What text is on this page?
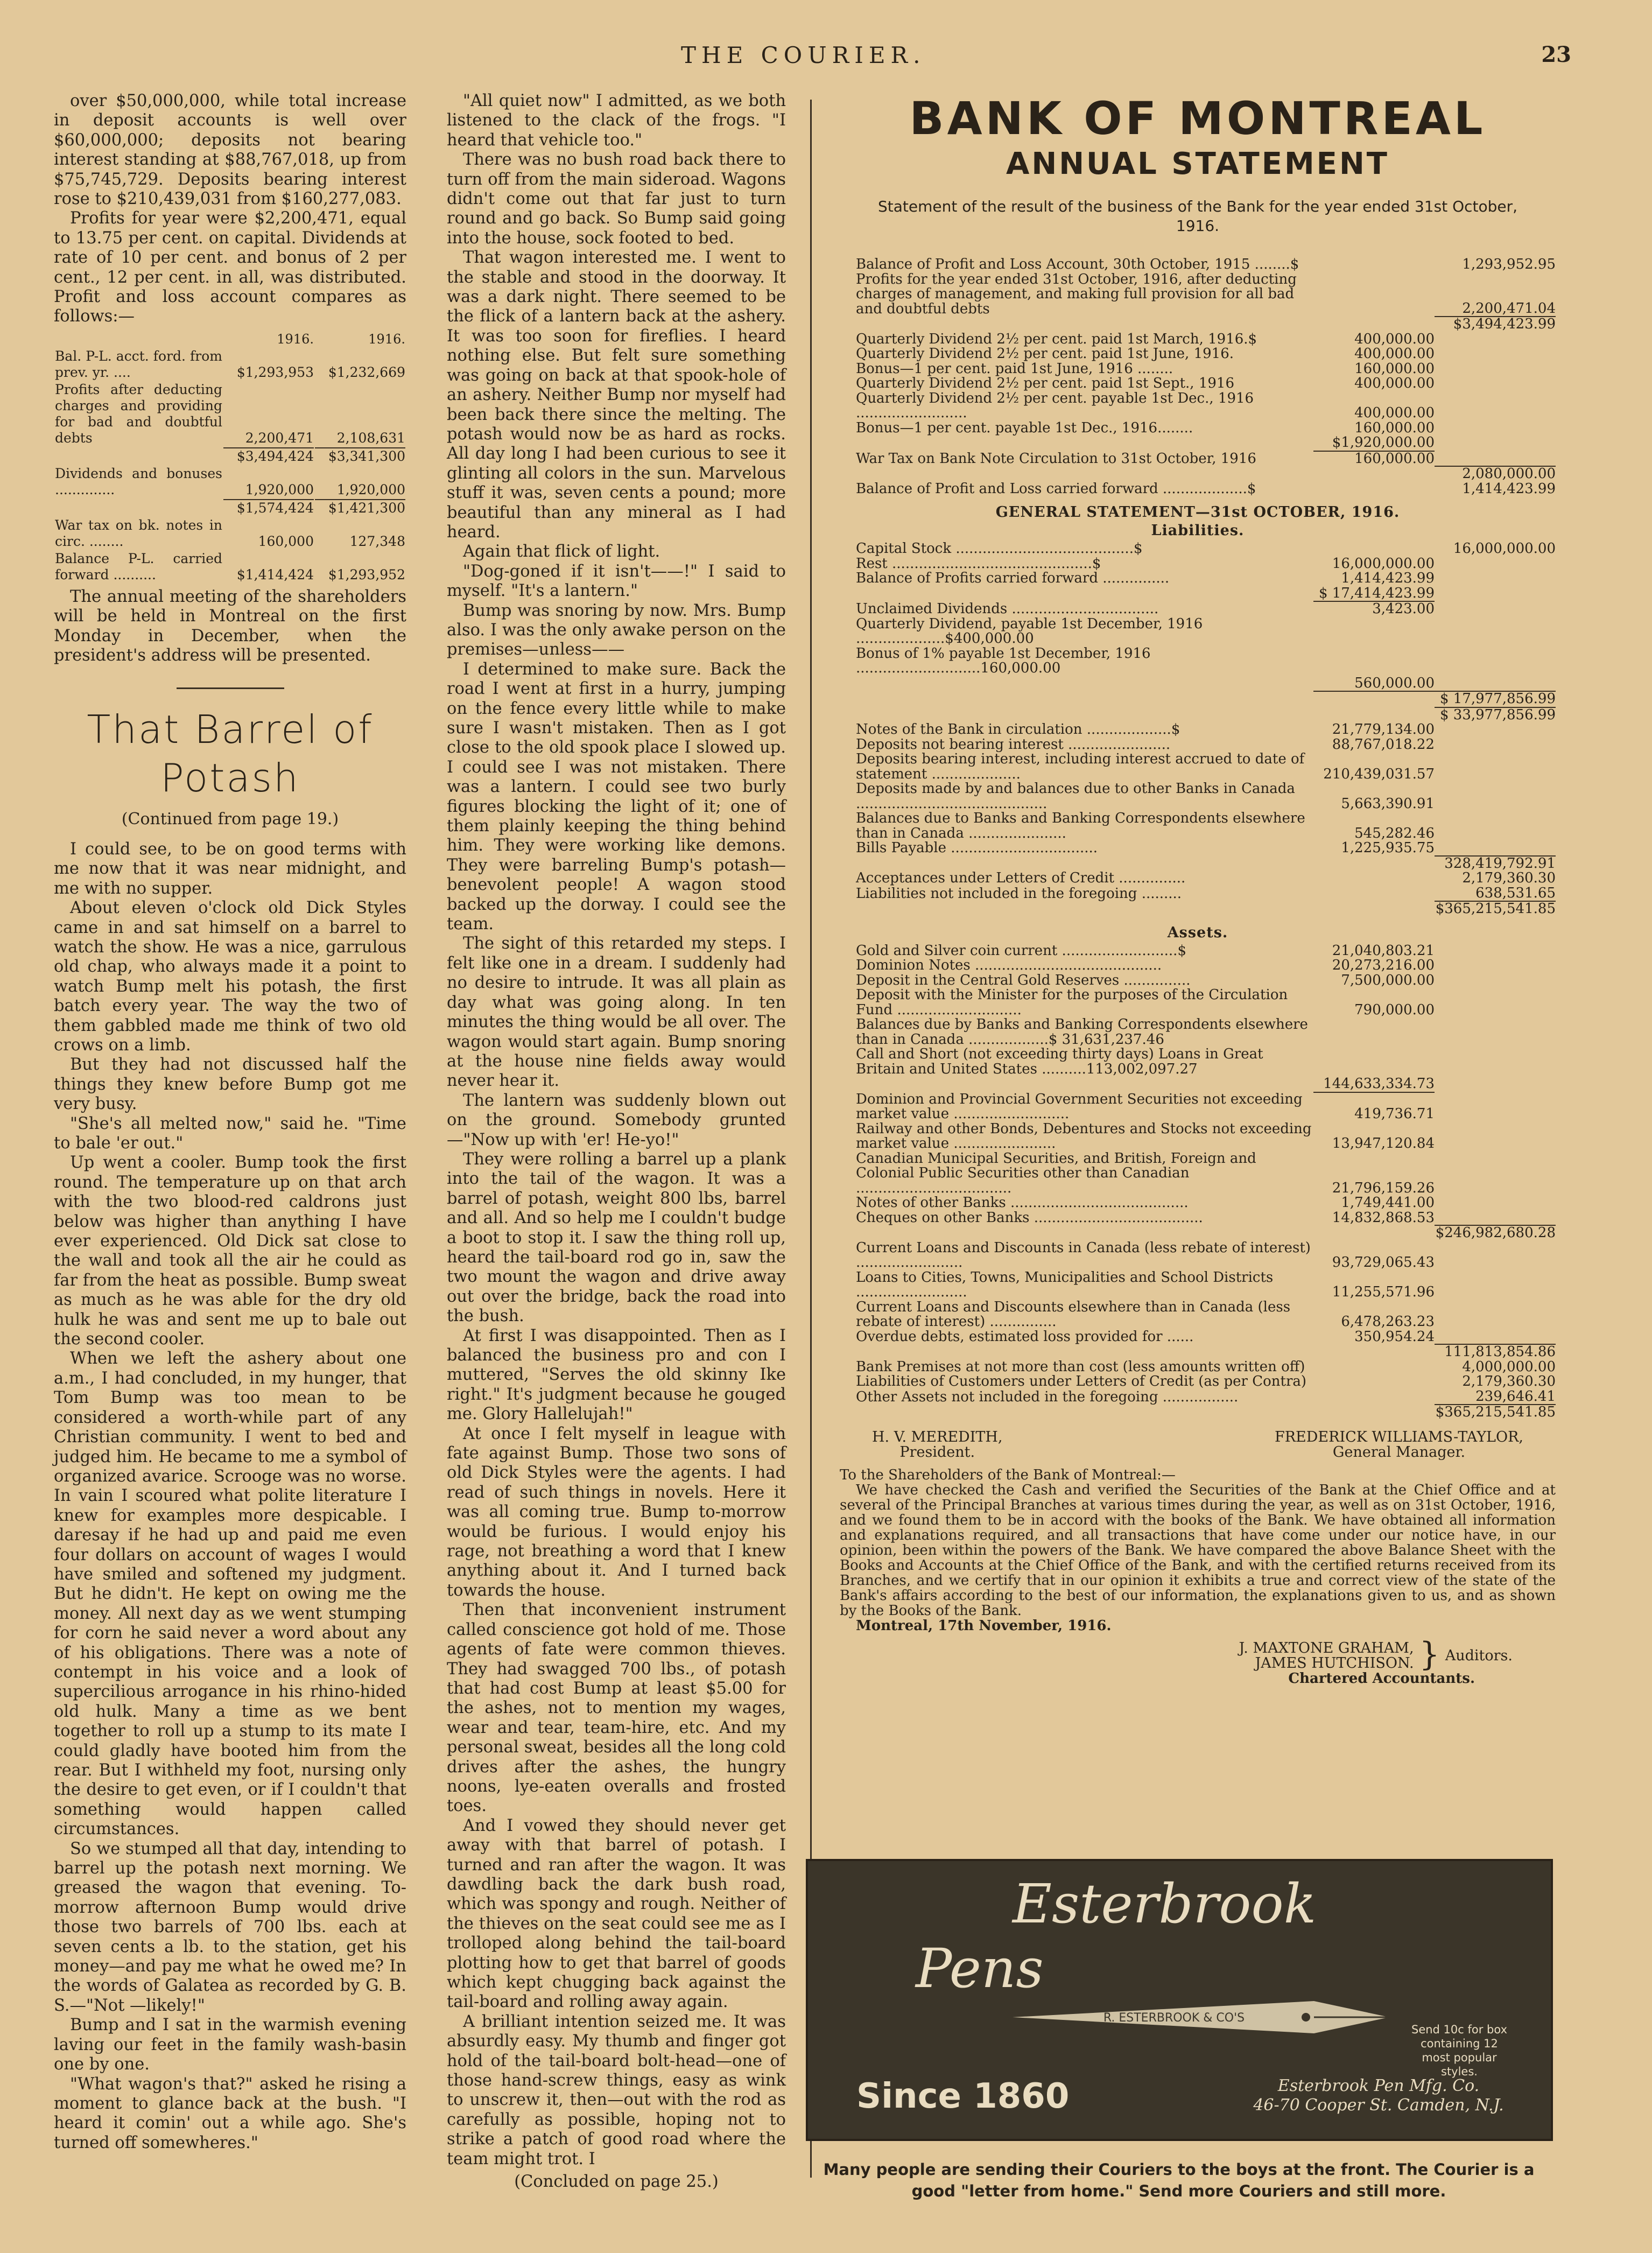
THE COURIER.	23

over $50,000,000, while total increase in deposit accounts is well over $60,000,000; deposits not bearing interest standing at $88,767,018, up from $75,745,729. Deposits bearing interest rose to $210,439,031 from $160,277,083.

Profits for year were $2,200,471, equal to 13.75 per cent. on capital. Dividends at rate of 10 per cent. and bonus of 2 per cent., 12 per cent. in all, was distributed. Profit and loss account compares as follows:—

	1916.	1916.
Bal. P-L. acct. ford. from prev. yr. ....	$1,293,953	$1,232,669
Profits after deducting charges and providing for bad and doubtful debts	2,200,471	2,108,631
	$3,494,424	$3,341,300
Dividends and bonuses ..............	1,920,000	1,920,000
	$1,574,424	$1,421,300
War tax on bk. notes in circ. ........	160,000	127,348
Balance P-L. carried forward ..........	$1,414,424	$1,293,952

The annual meeting of the shareholders will be held in Montreal on the first Monday in December, when the president's address will be presented.

That Barrel of Potash
(Continued from page 19.)

I could see, to be on good terms with me now that it was near midnight, and me with no supper.

About eleven o'clock old Dick Styles came in and sat himself on a barrel to watch the show. He was a nice, garrulous old chap, who always made it a point to watch Bump melt his potash, the first batch every year. The way the two of them gabbled made me think of two old crows on a limb.

But they had not discussed half the things they knew before Bump got me very busy.

"She's all melted now," said he. "Time to bale 'er out."

Up went a cooler. Bump took the first round. The temperature up on that arch with the two blood-red caldrons just below was higher than anything I have ever experienced. Old Dick sat close to the wall and took all the air he could as far from the heat as possible. Bump sweat as much as he was able for the dry old hulk he was and sent me up to bale out the second cooler.

When we left the ashery about one a.m., I had concluded, in my hunger, that Tom Bump was too mean to be considered a worth-while part of any Christian community. I went to bed and judged him. He became to me a symbol of organized avarice. Scrooge was no worse. In vain I scoured what polite literature I knew for examples more despicable. I daresay if he had up and paid me even four dollars on account of wages I would have smiled and softened my judgment. But he didn't. He kept on owing me the money. All next day as we went stumping for corn he said never a word about any of his obligations. There was a note of contempt in his voice and a look of supercilious arrogance in his rhino-hided old hulk. Many a time as we bent together to roll up a stump to its mate I could gladly have booted him from the rear. But I withheld my foot, nursing only the desire to get even, or if I couldn't that something would happen called circumstances.

So we stumped all that day, intending to barrel up the potash next morning. We greased the wagon that evening. To-morrow afternoon Bump would drive those two barrels of 700 lbs. each at seven cents a lb. to the station, get his money—and pay me what he owed me? In the words of Galatea as recorded by G. B. S.—"Not —likely!"

Bump and I sat in the warmish evening laving our feet in the family wash-basin one by one.

"What wagon's that?" asked he rising a moment to glance back at the bush. "I heard it comin' out a while ago. She's turned off somewheres."

"All quiet now" I admitted, as we both listened to the clack of the frogs. "I heard that vehicle too."

There was no bush road back there to turn off from the main sideroad. Wagons didn't come out that far just to turn round and go back. So Bump said going into the house, sock footed to bed.

That wagon interested me. I went to the stable and stood in the doorway. It was a dark night. There seemed to be the flick of a lantern back at the ashery. It was too soon for fireflies. I heard nothing else. But felt sure something was going on back at that spook-hole of an ashery. Neither Bump nor myself had been back there since the melting. The potash would now be as hard as rocks. All day long I had been curious to see it glinting all colors in the sun. Marvelous stuff it was, seven cents a pound; more beautiful than any mineral as I had heard.

Again that flick of light.

"Dog-goned if it isn't——!" I said to myself. "It's a lantern."

Bump was snoring by now. Mrs. Bump also. I was the only awake person on the premises—unless——

I determined to make sure. Back the road I went at first in a hurry, jumping on the fence every little while to make sure I wasn't mistaken. Then as I got close to the old spook place I slowed up. I could see I was not mistaken. There was a lantern. I could see two burly figures blocking the light of it; one of them plainly keeping the thing behind him. They were working like demons. They were barreling Bump's potash—benevolent people! A wagon stood backed up the dorway. I could see the team.

The sight of this retarded my steps. I felt like one in a dream. I suddenly had no desire to intrude. It was all plain as day what was going along. In ten minutes the thing would be all over. The wagon would start again. Bump snoring at the house nine fields away would never hear it.

The lantern was suddenly blown out on the ground. Somebody grunted—"Now up with 'er! He-yo!"

They were rolling a barrel up a plank into the tail of the wagon. It was a barrel of potash, weight 800 lbs, barrel and all. And so help me I couldn't budge a boot to stop it. I saw the thing roll up, heard the tail-board rod go in, saw the two mount the wagon and drive away out over the bridge, back the road into the bush.

At first I was disappointed. Then as I balanced the business pro and con I muttered, "Serves the old skinny Ike right." It's judgment because he gouged me. Glory Hallelujah!"

At once I felt myself in league with fate against Bump. Those two sons of old Dick Styles were the agents. I had read of such things in novels. Here it was all coming true. Bump to-morrow would be furious. I would enjoy his rage, not breathing a word that I knew anything about it. And I turned back towards the house.

Then that inconvenient instrument called conscience got hold of me. Those agents of fate were common thieves. They had swagged 700 lbs., of potash that had cost Bump at least $5.00 for the ashes, not to mention my wages, wear and tear, team-hire, etc. And my personal sweat, besides all the long cold drives after the ashes, the hungry noons, lye-eaten overalls and frosted toes.

And I vowed they should never get away with that barrel of potash. I turned and ran after the wagon. It was dawdling back the dark bush road, which was spongy and rough. Neither of the thieves on the seat could see me as I trolloped along behind the tail-board plotting how to get that barrel of goods which kept chugging back against the tail-board and rolling away again.

A brilliant intention seized me. It was absurdly easy. My thumb and finger got hold of the tail-board bolt-head—one of those hand-screw things, easy as wink to unscrew it, then—out with the rod as carefully as possible, hoping not to strike a patch of good road where the team might trot. I

(Concluded on page 25.)
BANK OF MONTREAL
ANNUAL STATEMENT
Statement of the result of the business of the Bank for the year ended 31st October, 1916.
Balance of Profit and Loss Account, 30th October, 1915 ........$		1,293,952.95
Profits for the year ended 31st October, 1916, after deducting charges of management, and making full provision for all bad and doubtful debts		2,200,471.04
		$3,494,423.99
Quarterly Dividend 2½ per cent. paid 1st March, 1916.$	400,000.00	
Quarterly Dividend 2½ per cent. paid 1st June, 1916.	400,000.00	
Bonus—1 per cent. paid 1st June, 1916 ........	160,000.00	
Quarterly Dividend 2½ per cent. paid 1st Sept., 1916	400,000.00	
Quarterly Dividend 2½ per cent. payable 1st Dec., 1916 .........................	400,000.00	
Bonus—1 per cent. payable 1st Dec., 1916........	160,000.00	
	$1,920,000.00	
War Tax on Bank Note Circulation to 31st October, 1916	160,000.00	
		2,080,000.00
Balance of Profit and Loss carried forward ...................$		1,414,423.99
GENERAL STATEMENT—31st OCTOBER, 1916.
Liabilities.
Capital Stock ........................................$		16,000,000.00
Rest .............................................$	16,000,000.00	
Balance of Profits carried forward ...............	1,414,423.99	
	$ 17,414,423.99	
Unclaimed Dividends .................................	3,423.00	
Quarterly Dividend, payable 1st December, 1916 ....................$400,000.00		
Bonus of 1% payable 1st December, 1916 ............................160,000.00		
	560,000.00	
		$ 17,977,856.99
		$ 33,977,856.99
Notes of the Bank in circulation ...................$	21,779,134.00	
Deposits not bearing interest .......................	88,767,018.22	
Deposits bearing interest, including interest accrued to date of statement ....................	210,439,031.57	
Deposits made by and balances due to other Banks in Canada ...........................................	5,663,390.91	
Balances due to Banks and Banking Correspondents elsewhere than in Canada ......................	545,282.46	
Bills Payable .................................	1,225,935.75	
		328,419,792.91
Acceptances under Letters of Credit ...............		2,179,360.30
Liabilities not included in the foregoing .........		638,531.65
		$365,215,541.85
Assets.
Gold and Silver coin current ..........................$	21,040,803.21	
Dominion Notes ..........................................	20,273,216.00	
Deposit in the Central Gold Reserves ...............	7,500,000.00	
Deposit with the Minister for the purposes of the Circulation Fund ............................	790,000.00	
Balances due by Banks and Banking Correspondents elsewhere than in Canada ..................$ 31,631,237.46		
Call and Short (not exceeding thirty days) Loans in Great Britain and United States ..........113,002,097.27		
	144,633,334.73	
Dominion and Provincial Government Securities not exceeding market value ..........................	419,736.71	
Railway and other Bonds, Debentures and Stocks not exceeding market value .......................	13,947,120.84	
Canadian Municipal Securities, and British, Foreign and Colonial Public Securities other than Canadian ...................................	21,796,159.26	
Notes of other Banks ........................................	1,749,441.00	
Cheques on other Banks ......................................	14,832,868.53	
		$246,982,680.28
Current Loans and Discounts in Canada (less rebate of interest) ........................	93,729,065.43	
Loans to Cities, Towns, Municipalities and School Districts .........................	11,255,571.96	
Current Loans and Discounts elsewhere than in Canada (less rebate of interest) ...............	6,478,263.23	
Overdue debts, estimated loss provided for ......	350,954.24	
		111,813,854.86
Bank Premises at not more than cost (less amounts written off)		4,000,000.00
Liabilities of Customers under Letters of Credit (as per Contra)		2,179,360.30
Other Assets not included in the foregoing .................		239,646.41
		$365,215,541.85
H. V. MEREDITH,
President.
FREDERICK WILLIAMS-TAYLOR,
General Manager.
To the Shareholders of the Bank of Montreal:—

We have checked the Cash and verified the Securities of the Bank at the Chief Office and at several of the Principal Branches at various times during the year, as well as on 31st October, 1916, and we found them to be in accord with the books of the Bank. We have obtained all information and explanations required, and all transactions that have come under our notice have, in our opinion, been within the powers of the Bank. We have compared the above Balance Sheet with the Books and Accounts at the Chief Office of the Bank, and with the certified returns received from its Branches, and we certify that in our opinion it exhibits a true and correct view of the state of the Bank's affairs according to the best of our information, the explanations given to us, and as shown by the Books of the Bank.

Montreal, 17th November, 1916.

J. MAXTONE GRAHAM,
JAMES HUTCHISON. } Auditors.
Chartered Accountants.
Esterbrook
Pens
R. ESTERBROOK & CO'S
Send 10c for box containing 12 most popular styles.
Since 1860	Esterbrook Pen Mfg. Co.
46-70 Cooper St. Camden, N.J.
Many people are sending their Couriers to the boys at the front. The Courier is a good "letter from home." Send more Couriers and still more.
